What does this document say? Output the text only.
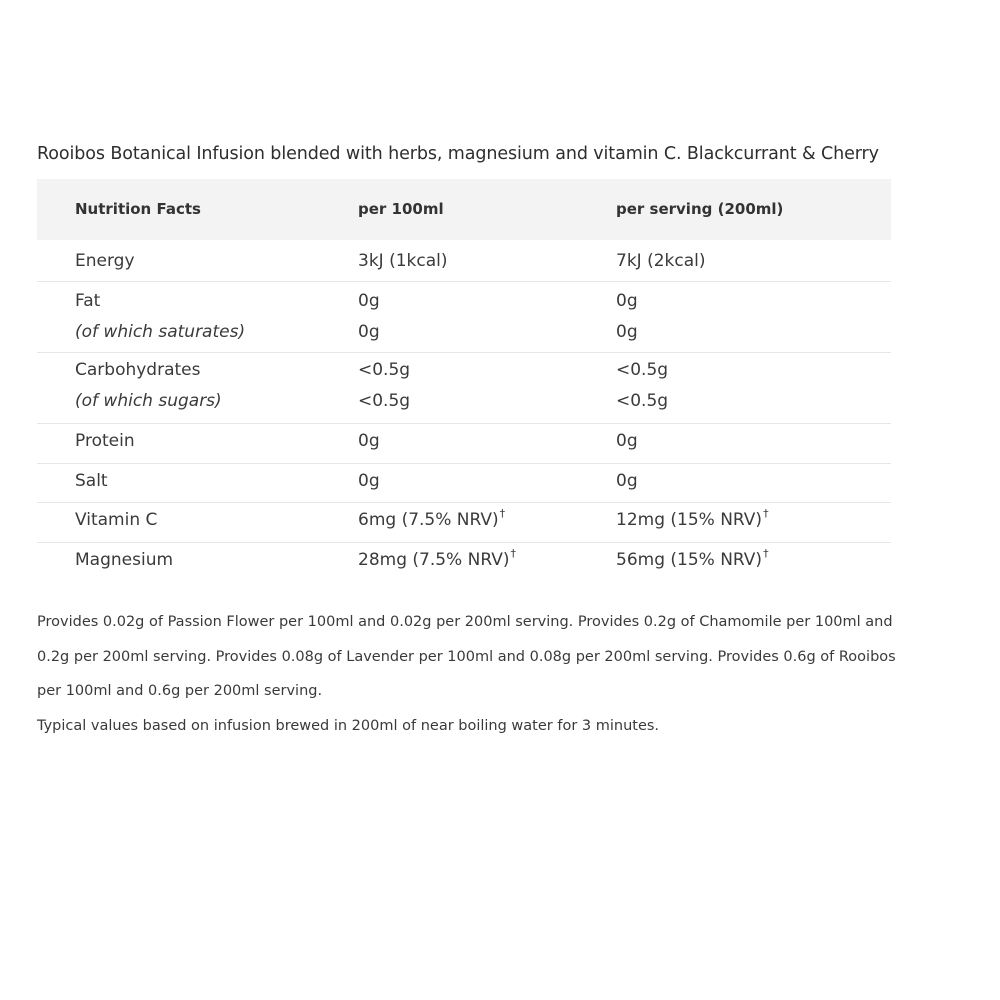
Rooibos Botanical Infusion blended with herbs, magnesium and vitamin C. Blackcurrant & Cherry
Nutrition Facts	per 100ml	per serving (200ml)
Energy	3kJ (1kcal)	7kJ (2kcal)
Fat	0g	0g
(of which saturates)	0g	0g
Carbohydrates	<0.5g	<0.5g
(of which sugars)	<0.5g	<0.5g
Protein	0g	0g
Salt	0g	0g
Vitamin C	6mg (7.5% NRV)†	12mg (15% NRV)†
Magnesium	28mg (7.5% NRV)†	56mg (15% NRV)†

Provides 0.02g of Passion Flower per 100ml and 0.02g per 200ml serving. Provides 0.2g of Chamomile per 100ml and 0.2g per 200ml serving. Provides 0.08g of Lavender per 100ml and 0.08g per 200ml serving. Provides 0.6g of Rooibos per 100ml and 0.6g per 200ml serving.

Typical values based on infusion brewed in 200ml of near boiling water for 3 minutes.
